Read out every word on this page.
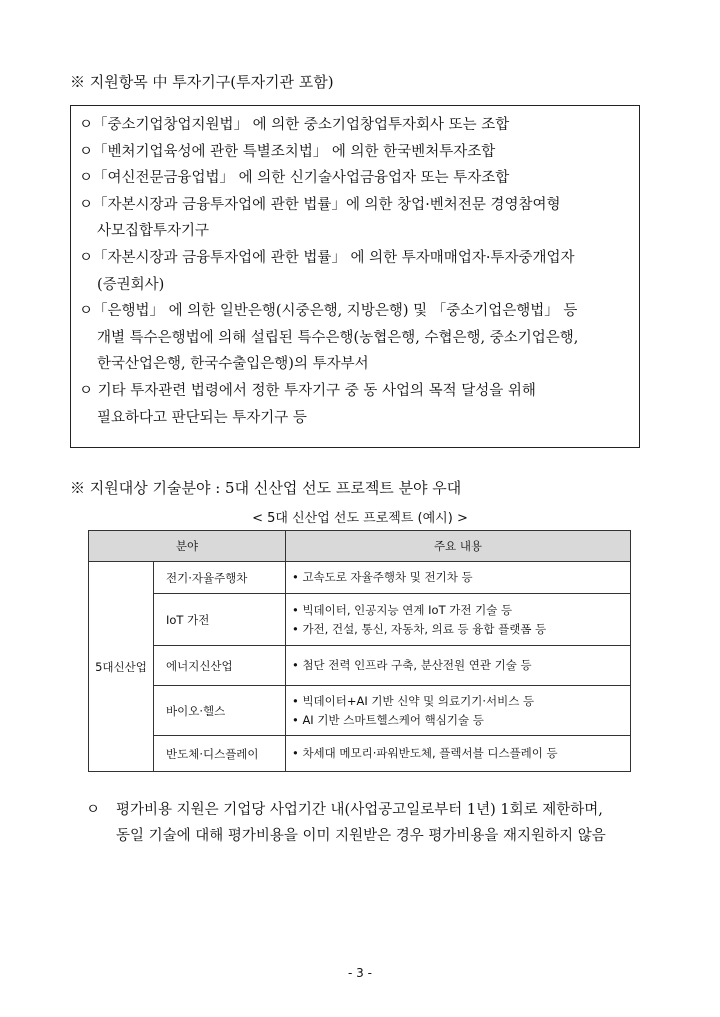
※ 지원항목 中 투자기구(투자기관 포함)
ㅇ「중소기업창업지원법」 에 의한 중소기업창업투자회사 또는 조합
ㅇ「벤처기업육성에 관한 특별조치법」 에 의한 한국벤처투자조합
ㅇ「여신전문금융업법」 에 의한 신기술사업금융업자 또는 투자조합
ㅇ「자본시장과 금융투자업에 관한 법률」에 의한 창업·벤처전문 경영참여형
사모집합투자기구
ㅇ「자본시장과 금융투자업에 관한 법률」 에 의한 투자매매업자·투자중개업자
(증권회사)
ㅇ「은행법」 에 의한 일반은행(시중은행, 지방은행) 및 「중소기업은행법」 등
개별 특수은행법에 의해 설립된 특수은행(농협은행, 수협은행, 중소기업은행,
한국산업은행, 한국수출입은행)의 투자부서
ㅇ 기타 투자관련 법령에서 정한 투자기구 중 동 사업의 목적 달성을 위해
필요하다고 판단되는 투자기구 등
※ 지원대상 기술분야 : 5대 신산업 선도 프로젝트 분야 우대
< 5대 신산업 선도 프로젝트 (예시) >
분야		주요 내용
5대신산업	전기·자율주행차	• 고속도로 자율주행차 및 전기차 등

	IoT 가전	• 빅데이터, 인공지능 연계 IoT 가전 기술 등
• 가전, 건설, 통신, 자동차, 의료 등 융합 플랫폼 등

	에너지신산업	• 첨단 전력 인프라 구축, 분산전원 연관 기술 등

	바이오·헬스	• 빅데이터+AI 기반 신약 및 의료기기·서비스 등
• AI 기반 스마트헬스케어 핵심기술 등

	반도체·디스플레이	• 차세대 메모리·파워반도체, 플렉서블 디스플레이 등
ㅇ 평가비용 지원은 기업당 사업기간 내(사업공고일로부터 1년) 1회로 제한하며,
동일 기술에 대해 평가비용을 이미 지원받은 경우 평가비용을 재지원하지 않음
- 3 -
